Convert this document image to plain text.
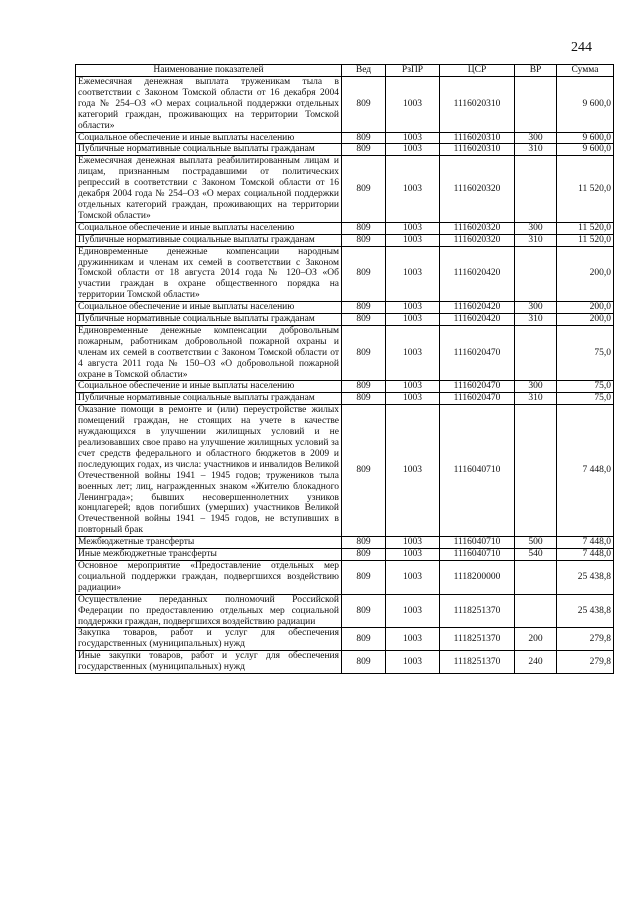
244
Наименование показателей	Вед	РзПР	ЦСР	ВР	Сумма
Ежемесячная денежная выплата труженикам тыла в соответствии с Законом Томской области от 16 декабря 2004 года № 254–ОЗ «О мерах социальной поддержки отдельных категорий граждан, проживающих на территории Томской области»	809	1003	1116020310		9 600,0
Социальное обеспечение и иные выплаты населению	809	1003	1116020310	300	9 600,0
Публичные нормативные социальные выплаты гражданам	809	1003	1116020310	310	9 600,0
Ежемесячная денежная выплата реабилитированным лицам и лицам, признанным пострадавшими от политических репрессий в соответствии с Законом Томской области от 16 декабря 2004 года № 254–ОЗ «О мерах социальной поддержки отдельных категорий граждан, проживающих на территории Томской области»	809	1003	1116020320		11 520,0
Социальное обеспечение и иные выплаты населению	809	1003	1116020320	300	11 520,0
Публичные нормативные социальные выплаты гражданам	809	1003	1116020320	310	11 520,0
Единовременные денежные компенсации народным дружинникам и членам их семей в соответствии с Законом Томской области от 18 августа 2014 года № 120–ОЗ «Об участии граждан в охране общественного порядка на территории Томской области»	809	1003	1116020420		200,0
Социальное обеспечение и иные выплаты населению	809	1003	1116020420	300	200,0
Публичные нормативные социальные выплаты гражданам	809	1003	1116020420	310	200,0
Единовременные денежные компенсации добровольным пожарным, работникам добровольной пожарной охраны и членам их семей в соответствии с Законом Томской области от 4 августа 2011 года № 150–ОЗ «О добровольной пожарной охране в Томской области»	809	1003	1116020470		75,0
Социальное обеспечение и иные выплаты населению	809	1003	1116020470	300	75,0
Публичные нормативные социальные выплаты гражданам	809	1003	1116020470	310	75,0
Оказание помощи в ремонте и (или) переустройстве жилых помещений граждан, не стоящих на учете в качестве нуждающихся в улучшении жилищных условий и не реализовавших свое право на улучшение жилищных условий за счет средств федерального и областного бюджетов в 2009 и последующих годах, из числа: участников и инвалидов Великой Отечественной войны 1941 – 1945 годов; тружеников тыла военных лет; лиц, награжденных знаком «Жителю блокадного Ленинграда»; бывших несовершеннолетних узников концлагерей; вдов погибших (умерших) участников Великой Отечественной войны 1941 – 1945 годов, не вступивших в повторный брак	809	1003	1116040710		7 448,0
Межбюджетные трансферты	809	1003	1116040710	500	7 448,0
Иные межбюджетные трансферты	809	1003	1116040710	540	7 448,0
Основное мероприятие «Предоставление отдельных мер социальной поддержки граждан, подвергшихся воздействию радиации»	809	1003	1118200000		25 438,8
Осуществление переданных полномочий Российской Федерации по предоставлению отдельных мер социальной поддержки граждан, подвергшихся воздействию радиации	809	1003	1118251370		25 438,8
Закупка товаров, работ и услуг для обеспечения государственных (муниципальных) нужд	809	1003	1118251370	200	279,8
Иные закупки товаров, работ и услуг для обеспечения государственных (муниципальных) нужд	809	1003	1118251370	240	279,8
